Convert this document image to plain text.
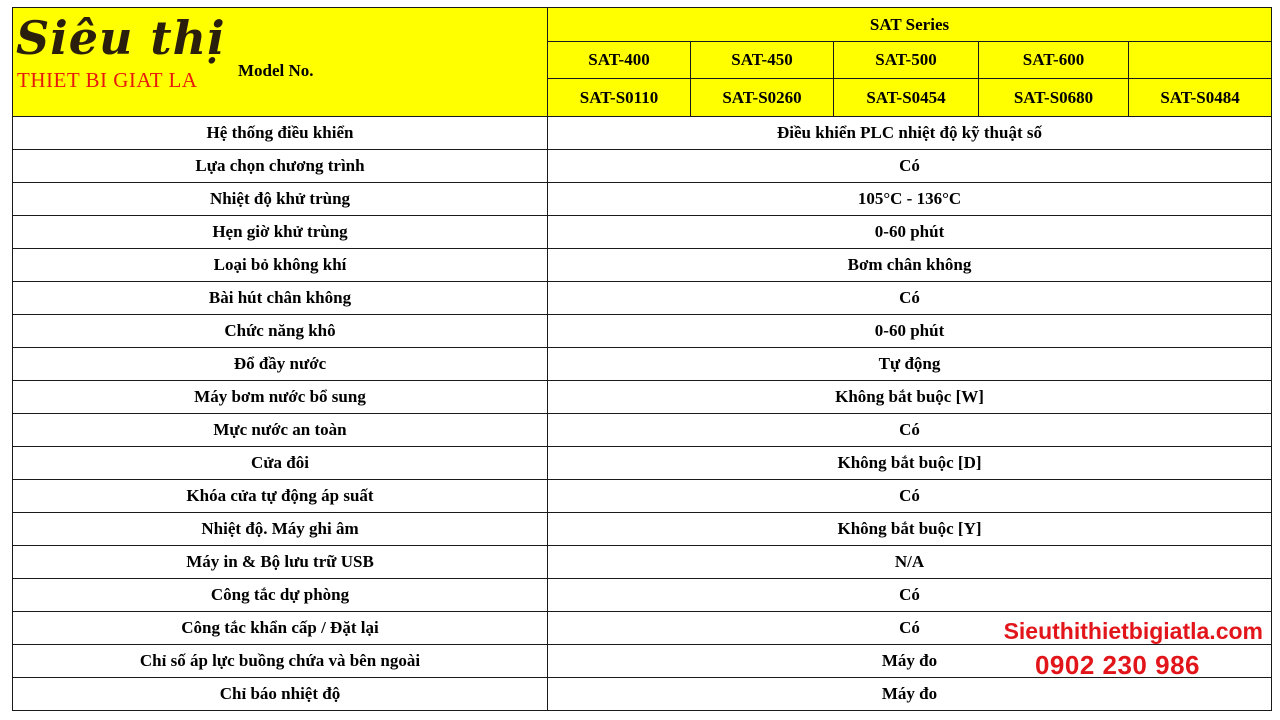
Siêu thị
THIET BI GIAT LA Model No.	SAT Series				
	SAT-400	SAT-450	SAT-500	SAT-600	
	SAT-S0110	SAT-S0260	SAT-S0454	SAT-S0680	SAT-S0484
Hệ thống điều khiển	Điều khiển PLC nhiệt độ kỹ thuật số				
Lựa chọn chương trình	Có				
Nhiệt độ khử trùng	105°C - 136°C				
Hẹn giờ khử trùng	0-60 phút				
Loại bỏ không khí	Bơm chân không				
Bài hút chân không	Có				
Chức năng khô	0-60 phút				
Đổ đầy nước	Tự động				
Máy bơm nước bổ sung	Không bắt buộc [W]				
Mực nước an toàn	Có				
Cửa đôi	Không bắt buộc [D]				
Khóa cửa tự động áp suất	Có				
Nhiệt độ. Máy ghi âm	Không bắt buộc [Y]				
Máy in & Bộ lưu trữ USB	N/A				
Công tắc dự phòng	Có				
Công tắc khẩn cấp / Đặt lại	Có				
Chỉ số áp lực buồng chứa và bên ngoài	Máy đo				
Chỉ báo nhiệt độ	Máy đo				
Sieuthithietbigiatla.com
0902 230 986
